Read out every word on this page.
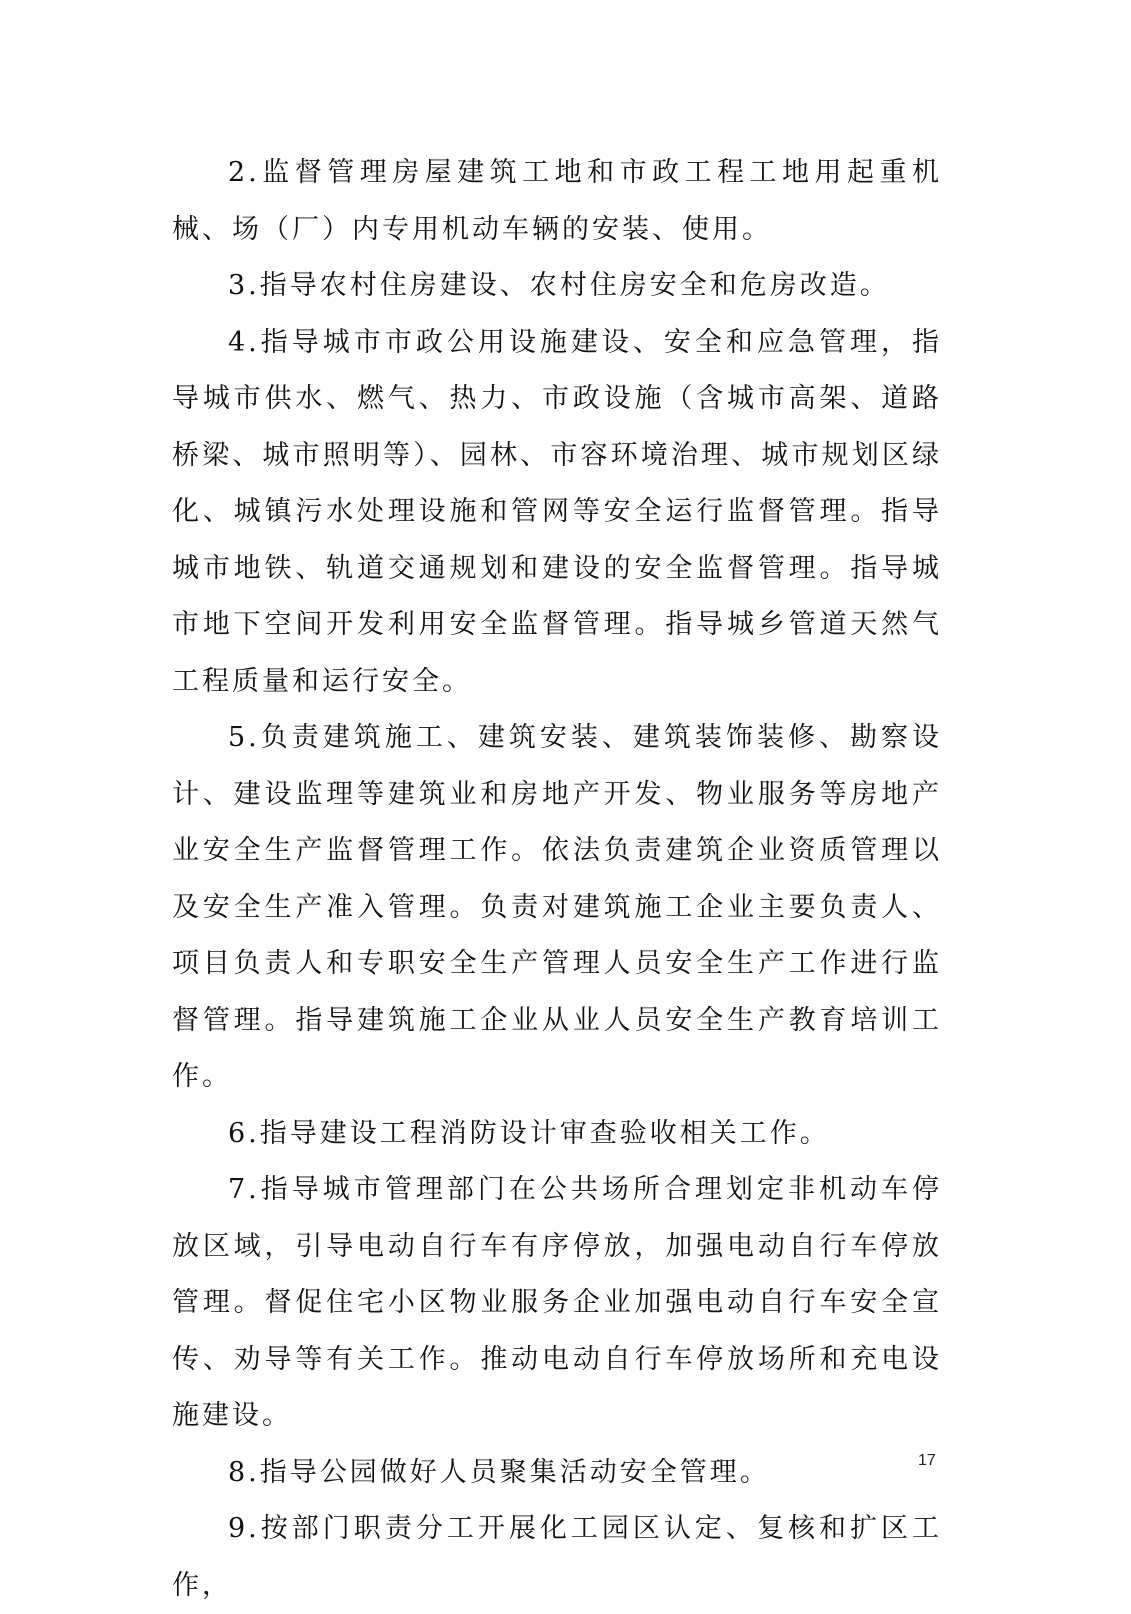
2.监督管理房屋建筑工地和市政工程工地用起重机械、场（厂）内专用机动车辆的安装、使用。

3.指导农村住房建设、农村住房安全和危房改造。

4.指导城市市政公用设施建设、安全和应急管理，指导城市供水、燃气、热力、市政设施（含城市高架、道路桥梁、城市照明等）、园林、市容环境治理、城市规划区绿化、城镇污水处理设施和管网等安全运行监督管理。指导城市地铁、轨道交通规划和建设的安全监督管理。指导城市地下空间开发利用安全监督管理。指导城乡管道天然气工程质量和运行安全。

5.负责建筑施工、建筑安装、建筑装饰装修、勘察设计、建设监理等建筑业和房地产开发、物业服务等房地产业安全生产监督管理工作。依法负责建筑企业资质管理以及安全生产准入管理。负责对建筑施工企业主要负责人、项目负责人和专职安全生产管理人员安全生产工作进行监督管理。指导建筑施工企业从业人员安全生产教育培训工作。

6.指导建设工程消防设计审查验收相关工作。

7.指导城市管理部门在公共场所合理划定非机动车停放区域，引导电动自行车有序停放，加强电动自行车停放管理。督促住宅小区物业服务企业加强电动自行车安全宣传、劝导等有关工作。推动电动自行车停放场所和充电设施建设。

8.指导公园做好人员聚集活动安全管理。

9.按部门职责分工开展化工园区认定、复核和扩区工作，

17
